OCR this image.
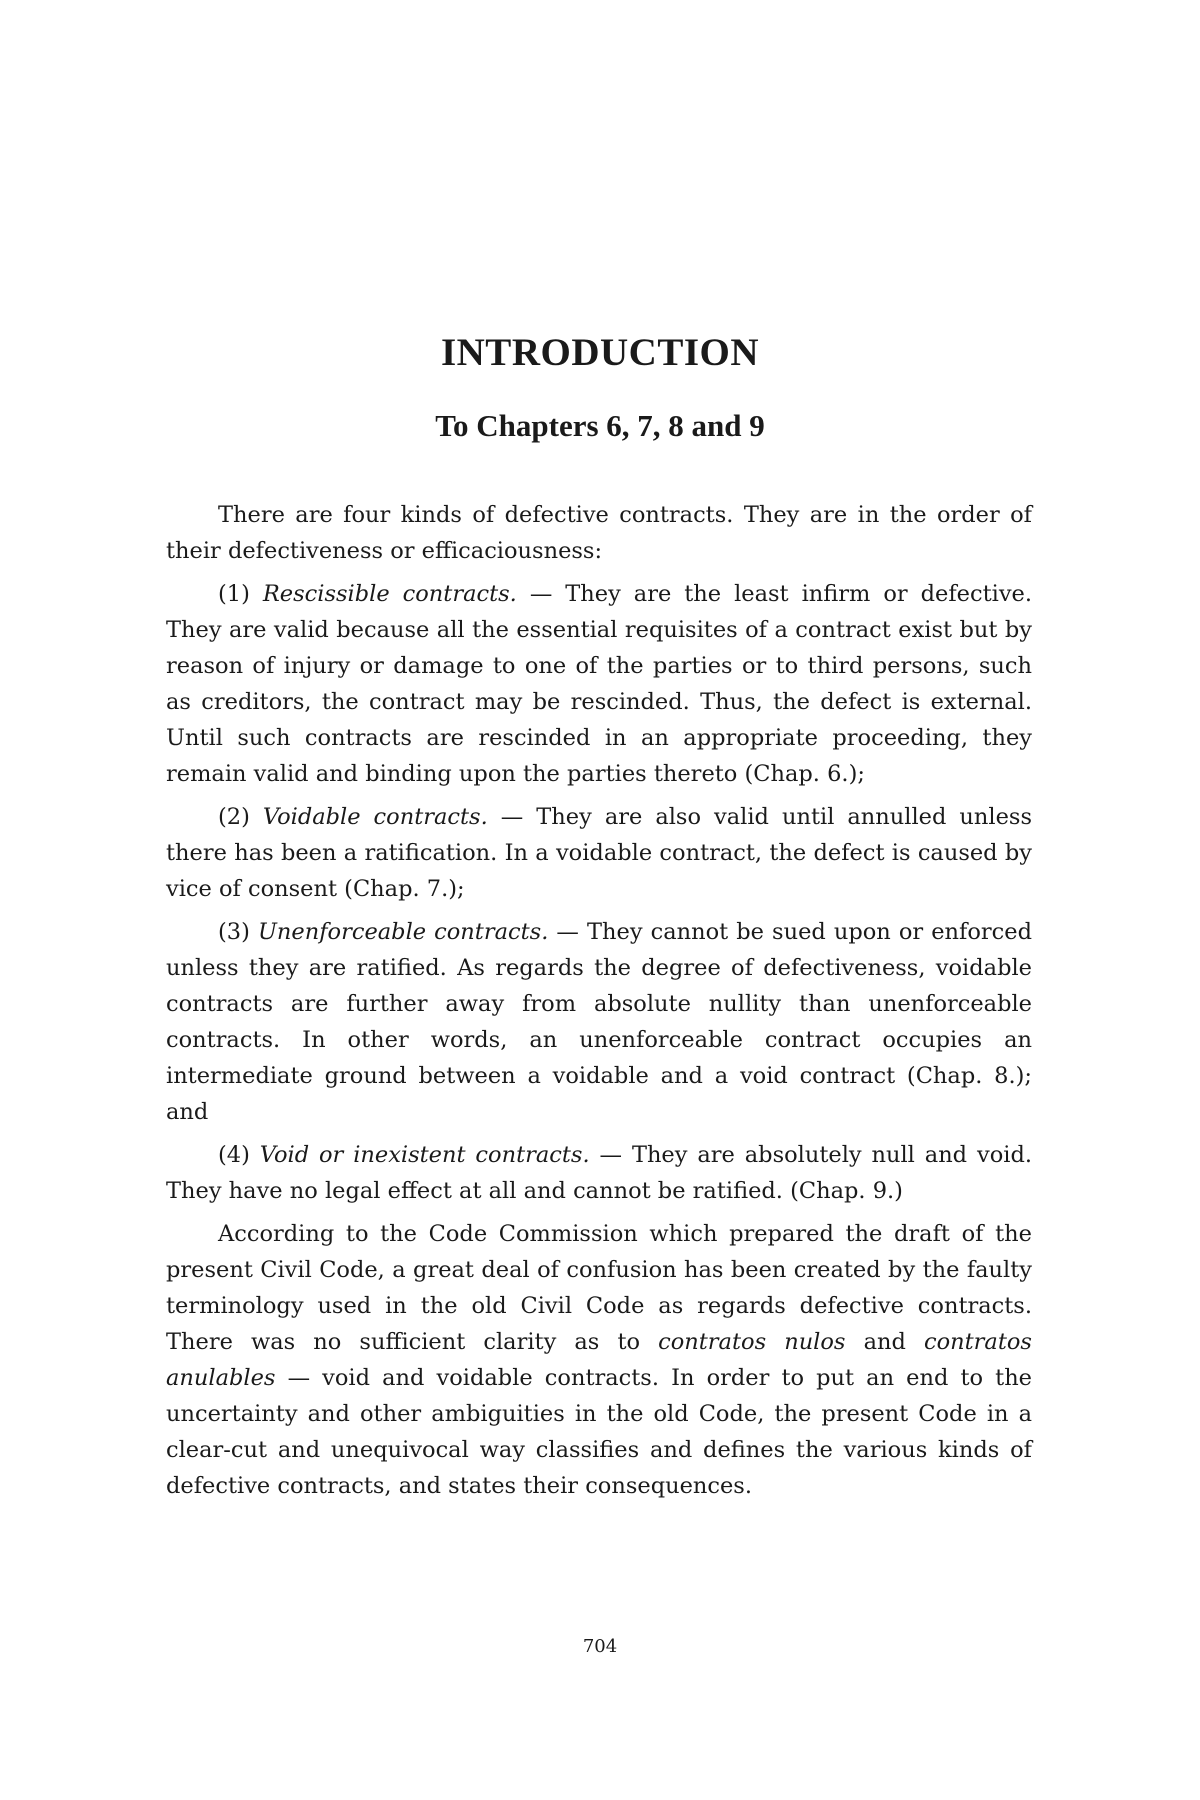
INTRODUCTION
To Chapters 6, 7, 8 and 9

There are four kinds of defective contracts. They are in the order of their defectiveness or efficaciousness:

(1) Rescissible contracts. — They are the least infirm or defective. They are valid because all the essential requisites of a contract exist but by reason of injury or damage to one of the parties or to third persons, such as creditors, the contract may be rescinded. Thus, the defect is external. Until such contracts are rescinded in an appropriate proceeding, they remain valid and binding upon the parties thereto (Chap. 6.);

(2) Voidable contracts. — They are also valid until annulled unless there has been a ratification. In a voidable contract, the defect is caused by vice of consent (Chap. 7.);

(3) Unenforceable contracts. — They cannot be sued upon or enforced unless they are ratified. As regards the degree of defectiveness, voidable contracts are further away from absolute nullity than unenforceable contracts. In other words, an unenforceable contract occupies an intermediate ground between a voidable and a void contract (Chap. 8.); and

(4) Void or inexistent contracts. — They are absolutely null and void. They have no legal effect at all and cannot be ratified. (Chap. 9.)

According to the Code Commission which prepared the draft of the present Civil Code, a great deal of confusion has been created by the faulty terminology used in the old Civil Code as regards defective contracts. There was no sufficient clarity as to contratos nulos and contratos anulables — void and voidable contracts. In order to put an end to the uncertainty and other ambiguities in the old Code, the present Code in a clear-cut and unequivocal way classifies and defines the various kinds of defective contracts, and states their consequences.

704
